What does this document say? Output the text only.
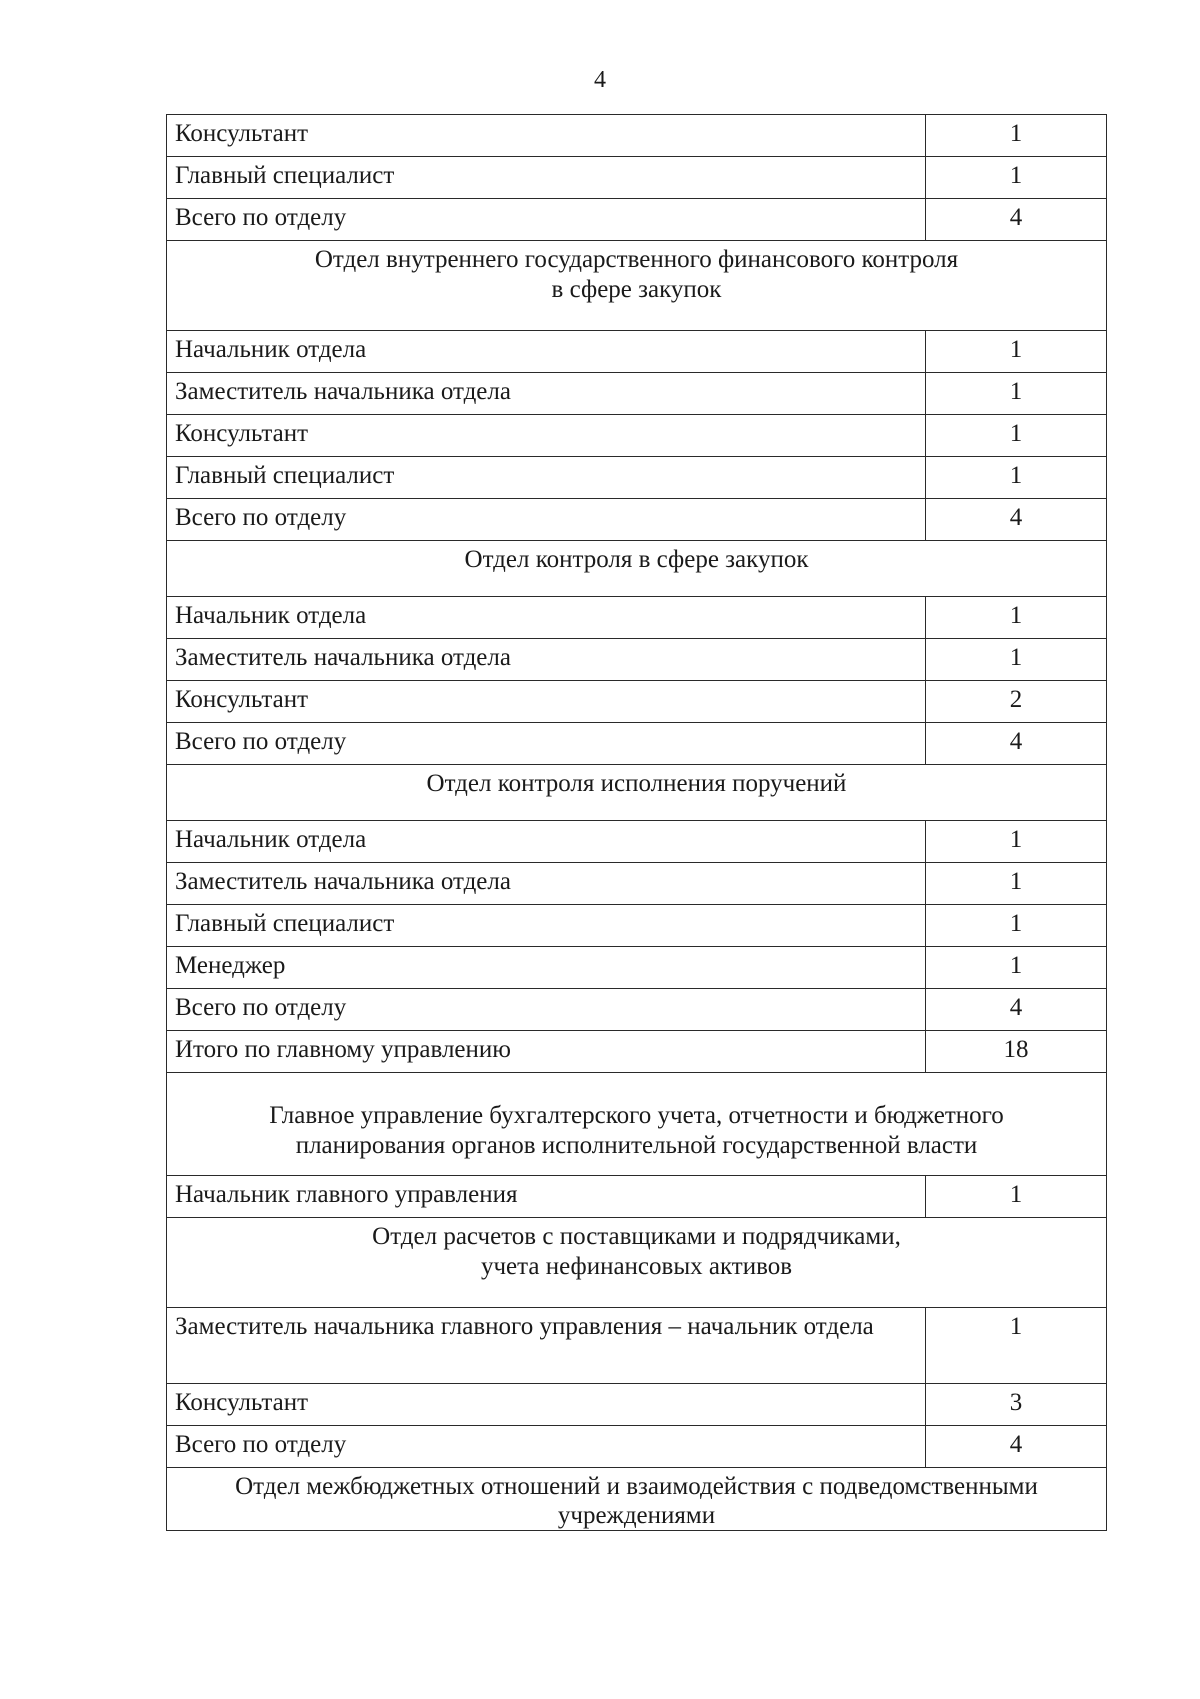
4
Консультант	1
Главный специалист	1
Всего по отделу	4

Отдел внутреннего государственного финансового контроля
в сфере закупок	

Начальник отдела	1
Заместитель начальника отдела	1
Консультант	1
Главный специалист	1
Всего по отделу	4

Отдел контроля в сфере закупок	

Начальник отдела	1
Заместитель начальника отдела	1
Консультант	2
Всего по отделу	4

Отдел контроля исполнения поручений	

Начальник отдела	1
Заместитель начальника отдела	1
Главный специалист	1
Менеджер	1
Всего по отделу	4
Итого по главному управлению	18

Главное управление бухгалтерского учета, отчетности и бюджетного
планирования органов исполнительной государственной власти	

Начальник главного управления	1

Отдел расчетов с поставщиками и подрядчиками,
учета нефинансовых активов	

Заместитель начальника главного управления – начальник отдела	1
Консультант	3
Всего по отделу	4

Отдел межбюджетных отношений и взаимодействия с подведомственными
учреждениями	
